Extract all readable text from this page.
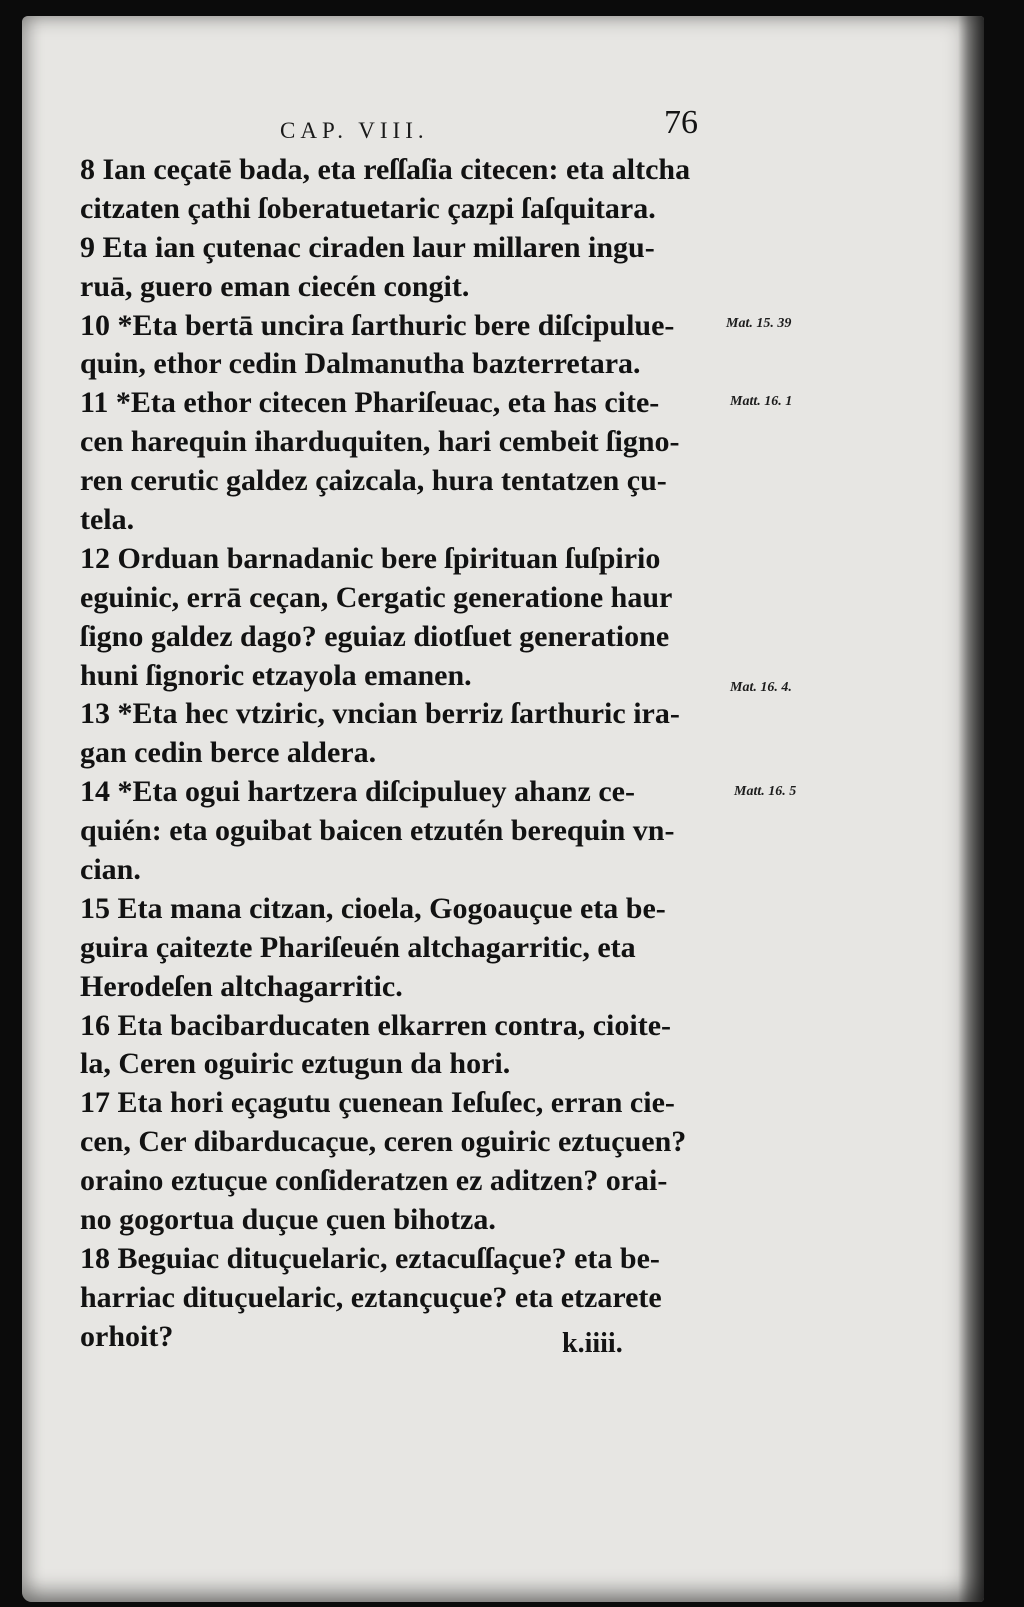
CAP. VIII.	76
8 Ian ceçatē bada, eta reſſaſia citecen: eta altcha
citzaten çathi ſoberatuetaric çazpi ſaſquitara.
9 Eta ian çutenac ciraden laur millaren ingu-
ruā, guero eman ciecén congit.
10 *Eta bertā uncira ſarthuric bere diſcipulue-
quin, ethor cedin Dalmanutha bazterretara.
11 *Eta ethor citecen Phariſeuac, eta has cite-
cen harequin iharduquiten, hari cembeit ſigno-
ren cerutic galdez çaizcala, hura tentatzen çu-
tela.
12 Orduan barnadanic bere ſpirituan ſuſpirio
eguinic, errā ceçan, Cergatic generatione haur
ſigno galdez dago? eguiaz diotſuet generatione
huni ſignoric etzayola emanen.
13 *Eta hec vtziric, vncian berriz ſarthuric ira-
gan cedin berce aldera.
14 *Eta ogui hartzera diſcipuluey ahanz ce-
quién: eta oguibat baicen etzutén berequin vn-
cian.
15 Eta mana citzan, cioela, Gogoauçue eta be-
guira çaitezte Phariſeuén altchagarritic, eta
Herodeſen altchagarritic.
16 Eta bacibarducaten elkarren contra, cioite-
la, Ceren oguiric eztugun da hori.
17 Eta hori eçagutu çuenean Ieſuſec, erran cie-
cen, Cer dibarducaçue, ceren oguiric eztuçuen?
oraino eztuçue conſideratzen ez aditzen? orai-
no gogortua duçue çuen bihotza.
18 Beguiac dituçuelaric, eztacuſſaçue? eta be-
harriac dituçuelaric, eztançuçue? eta etzarete
orhoit?
Mat. 15. 39
Matt. 16. 1
Mat. 16. 4.
Matt. 16. 5
k.iiii.
